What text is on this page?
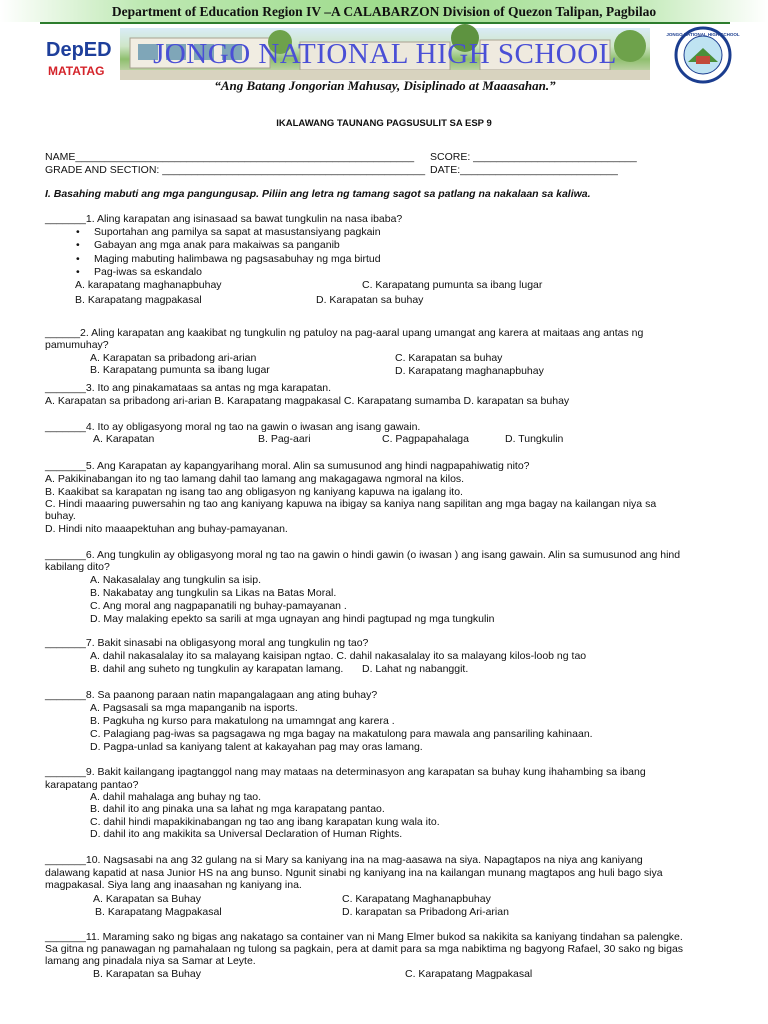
Department of Education Region IV –A CALABARZON Division of Quezon Talipan, Pagbilao
DepED
MATATAG
JONGO NATIONAL HIGH SCHOOL
“Ang Batang Jongorian Mahusay, Disiplinado at Maaasahan.”
JONGO NATIONAL HIGH SCHOOL
IKALAWANG TAUNANG PAGSUSULIT SA ESP 9
NAME__________________________________________________________ SCORE: ____________________________
GRADE AND SECTION: _____________________________________________ DATE:___________________________
I. Basahing mabuti ang mga pangungusap. Piliin ang letra ng tamang sagot sa patlang na nakalaan sa kaliwa.
_______1. Aling karapatan ang isinasaad sa bawat tungkulin na nasa ibaba?
• Suportahan ang pamilya sa sapat at masustansiyang pagkain
• Gabayan ang mga anak para makaiwas sa panganib
• Maging mabuting halimbawa ng pagsasabuhay ng mga birtud
• Pag-iwas sa eskandalo
A. karapatang maghanapbuhay	C. Karapatang pumunta sa ibang lugar
B. Karapatang magpakasal	D. Karapatan sa buhay
______2. Aling karapatan ang kaakibat ng tungkulin ng patuloy na pag-aaral upang umangat ang karera at maitaas ang antas ng
pamumuhay?
A. Karapatan sa pribadong ari-arian	C. Karapatan sa buhay
B. Karapatang pumunta sa ibang lugar	D. Karapatang maghanapbuhay
_______3. Ito ang pinakamataas sa antas ng mga karapatan.
A. Karapatan sa pribadong ari-arian B. Karapatang magpakasal C. Karapatang sumamba D. karapatan sa buhay
_______4. Ito ay obligasyong moral ng tao na gawin o iwasan ang isang gawain.
A. Karapatan	B. Pag-aari	C. Pagpapahalaga	D. Tungkulin
_______5. Ang Karapatan ay kapangyarihang moral. Alin sa sumusunod ang hindi nagpapahiwatig nito?
A. Pakikinabangan ito ng tao lamang dahil tao lamang ang makagagawa ngmoral na kilos.
B. Kaakibat sa karapatan ng isang tao ang obligasyon ng kaniyang kapuwa na igalang ito.
C. Hindi maaaring puwersahin ng tao ang kaniyang kapuwa na ibigay sa kaniya nang sapilitan ang mga bagay na kailangan niya sa
buhay.
D. Hindi nito maaapektuhan ang buhay-pamayanan.
_______6. Ang tungkulin ay obligasyong moral ng tao na gawin o hindi gawin (o iwasan ) ang isang gawain. Alin sa sumusunod ang hind
kabilang dito?
A. Nakasalalay ang tungkulin sa isip.
B. Nakabatay ang tungkulin sa Likas na Batas Moral.
C. Ang moral ang nagpapanatili ng buhay-pamayanan .
D. May malaking epekto sa sarili at mga ugnayan ang hindi pagtupad ng mga tungkulin
_______7. Bakit sinasabi na obligasyong moral ang tungkulin ng tao?
A. dahil nakasalalay ito sa malayang kaisipan ngtao. C. dahil nakasalalay ito sa malayang kilos-loob ng tao
B. dahil ang suheto ng tungkulin ay karapatan lamang. D. Lahat ng nabanggit.
_______8. Sa paanong paraan natin mapangalagaan ang ating buhay?
A. Pagsasali sa mga mapanganib na isports.
B. Pagkuha ng kurso para makatulong na umamngat ang karera .
C. Palagiang pag-iwas sa pagsagawa ng mga bagay na makatulong para mawala ang pansariling kahinaan.
D. Pagpa-unlad sa kaniyang talent at kakayahan pag may oras lamang.
_______9. Bakit kailangang ipagtanggol nang may mataas na determinasyon ang karapatan sa buhay kung ihahambing sa ibang
karapatang pantao?
A. dahil mahalaga ang buhay ng tao.
B. dahil ito ang pinaka una sa lahat ng mga karapatang pantao.
C. dahil hindi mapakikinabangan ng tao ang ibang karapatan kung wala ito.
D. dahil ito ang makikita sa Universal Declaration of Human Rights.
_______10. Nagsasabi na ang 32 gulang na si Mary sa kaniyang ina na mag-aasawa na siya. Napagtapos na niya ang kaniyang
dalawang kapatid at nasa Junior HS na ang bunso. Ngunit sinabi ng kaniyang ina na kailangan munang magtapos ang huli bago siya
magpakasal. Siya lang ang inaasahan ng kaniyang ina.
A. Karapatan sa Buhay	C. Karapatang Maghanapbuhay
B. Karapatang Magpakasal	D. karapatan sa Pribadong Ari-arian
_______11. Maraming sako ng bigas ang nakatago sa container van ni Mang Elmer bukod sa nakikita sa kaniyang tindahan sa palengke.
Sa gitna ng panawagan ng pamahalaan ng tulong sa pagkain, pera at damit para sa mga nabiktima ng bagyong Rafael, 30 sako ng bigas
lamang ang pinadala niya sa Samar at Leyte.
B. Karapatan sa Buhay	C. Karapatang Magpakasal
